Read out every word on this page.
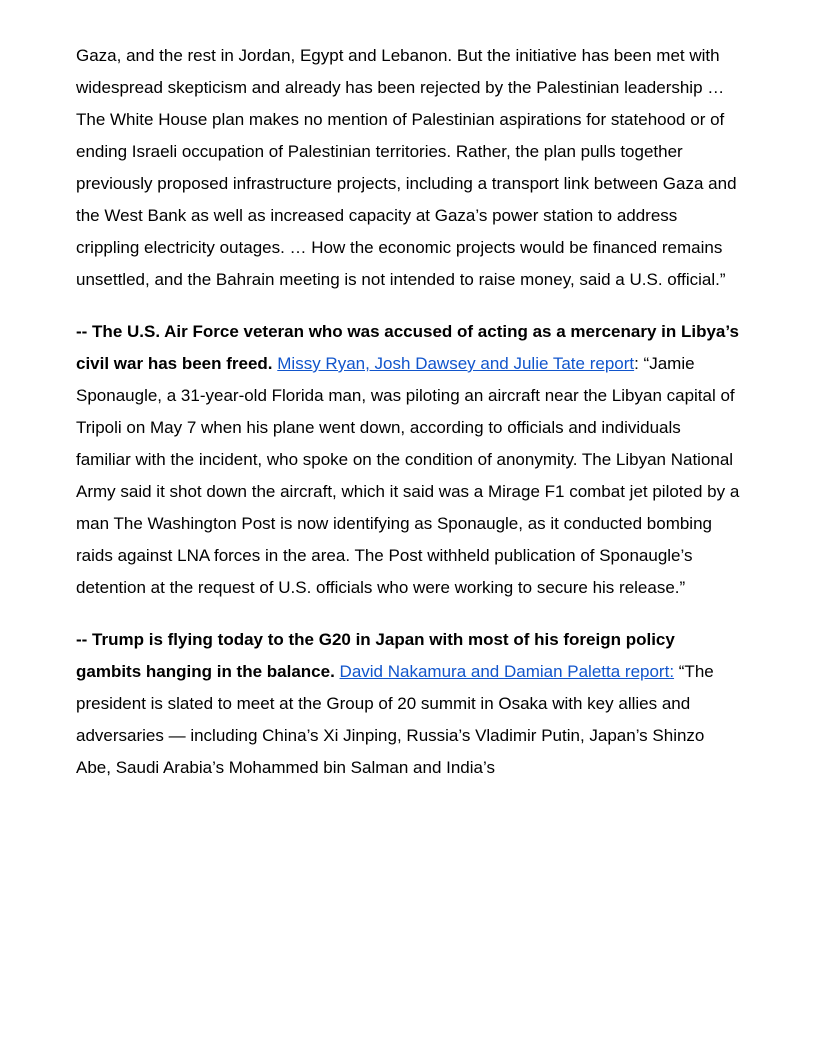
Gaza, and the rest in Jordan, Egypt and Lebanon. But the initiative has been met with widespread skepticism and already has been rejected by the Palestinian leadership … The White House plan makes no mention of Palestinian aspirations for statehood or of ending Israeli occupation of Palestinian territories. Rather, the plan pulls together previously proposed infrastructure projects, including a transport link between Gaza and the West Bank as well as increased capacity at Gaza’s power station to address crippling electricity outages. … How the economic projects would be financed remains unsettled, and the Bahrain meeting is not intended to raise money, said a U.S. official.”

-- The U.S. Air Force veteran who was accused of acting as a mercenary in Libya’s civil war has been freed. Missy Ryan, Josh Dawsey and Julie Tate report: “Jamie Sponaugle, a 31-year-old Florida man, was piloting an aircraft near the Libyan capital of Tripoli on May 7 when his plane went down, according to officials and individuals familiar with the incident, who spoke on the condition of anonymity. The Libyan National Army said it shot down the aircraft, which it said was a Mirage F1 combat jet piloted by a man The Washington Post is now identifying as Sponaugle, as it conducted bombing raids against LNA forces in the area. The Post withheld publication of Sponaugle’s detention at the request of U.S. officials who were working to secure his release.”

-- Trump is flying today to the G20 in Japan with most of his foreign policy gambits hanging in the balance. David Nakamura and Damian Paletta report: “The president is slated to meet at the Group of 20 summit in Osaka with key allies and adversaries — including China’s Xi Jinping, Russia’s Vladimir Putin, Japan’s Shinzo Abe, Saudi Arabia’s Mohammed bin Salman and India’s
